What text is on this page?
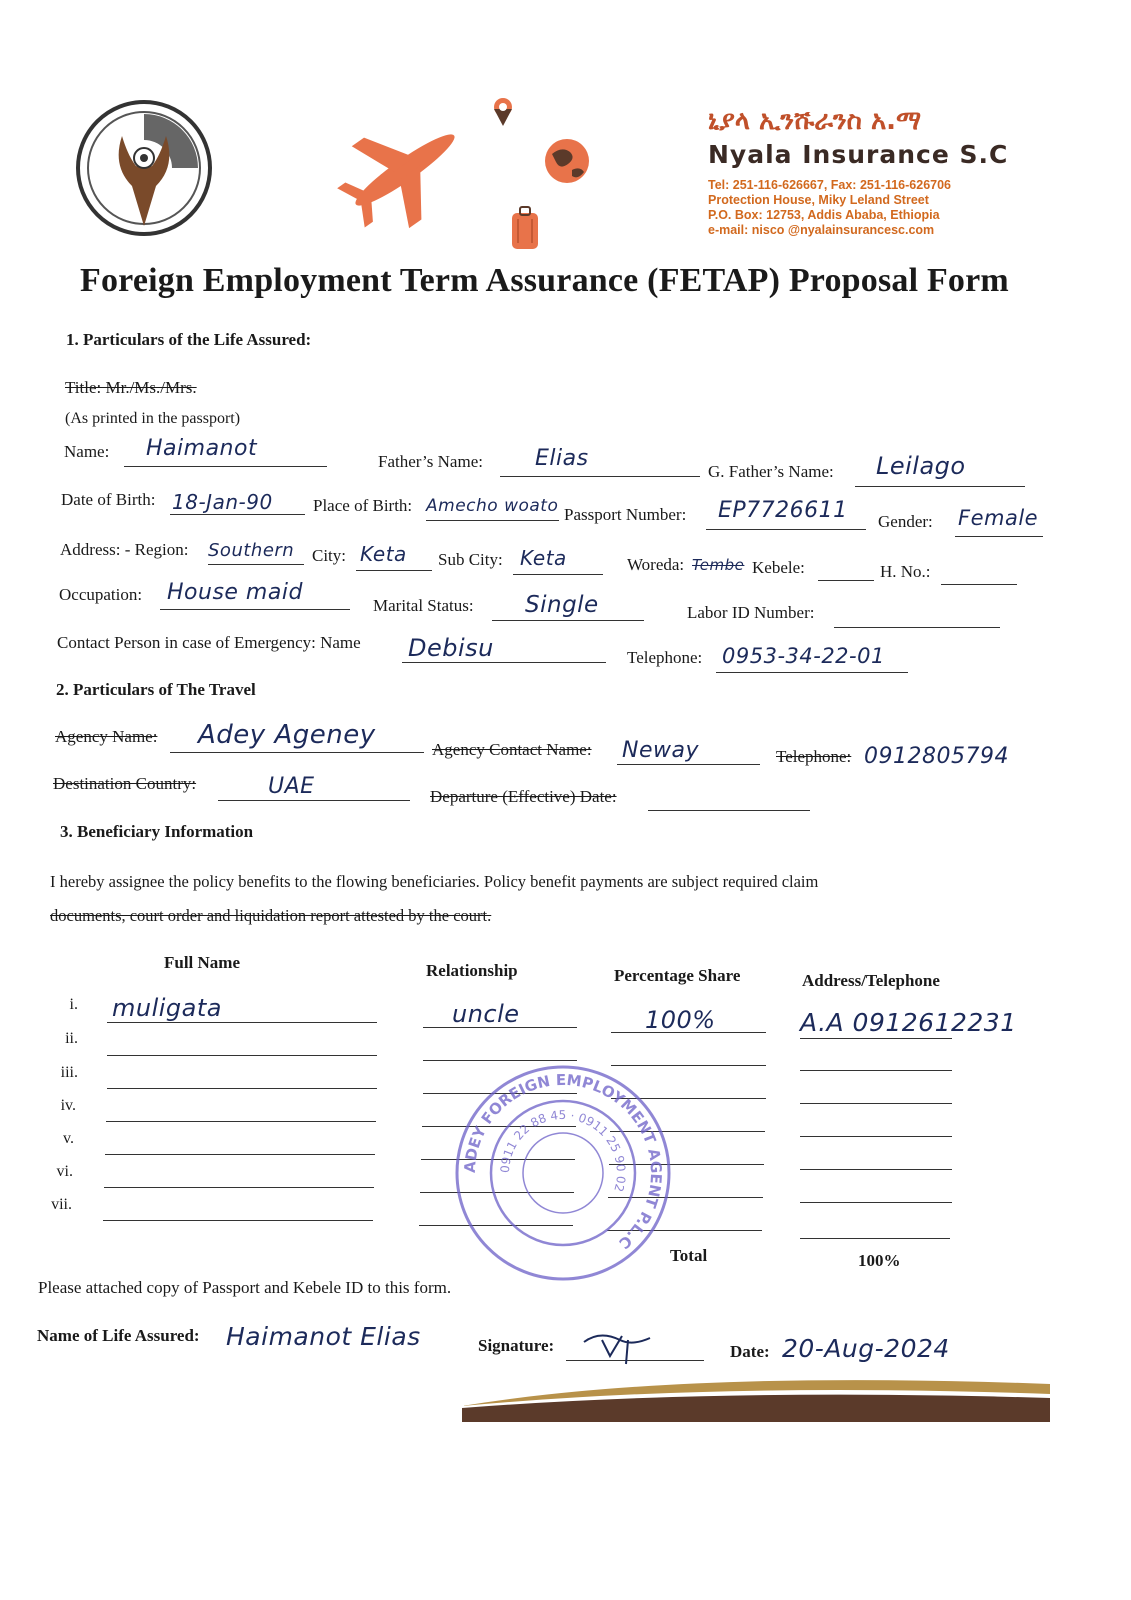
ኒያላ ኢንሹራንስ አ.ማ
Nyala Insurance S.C
Tel: 251-116-626667, Fax: 251-116-626706
Protection House, Miky Leland Street
P.O. Box: 12753, Addis Ababa, Ethiopia
e-mail: nisco @nyalainsurancesc.com
Foreign Employment Term Assurance (FETAP) Proposal Form
1. Particulars of the Life Assured:
Title: Mr./Ms./Mrs.
(As printed in the passport)
Name: Haimanot
Father’s Name: Elias
G. Father’s Name: Leilago
Date of Birth: 18-Jan-90 Place of Birth: Amecho woato Passport Number: EP7726611 Gender: Female
Address: - Region: Southern City: Keta Sub City: Keta	Woreda: Tembe Kebele:	H. No.:
Occupation: House maid
Marital Status: Single	Labor ID Number:
Contact Person in case of Emergency: Name Debisu	Telephone: 0953-34-22-01
2. Particulars of The Travel
Agency Name: Adey Ageney	Agency Contact Name: Neway	Telephone: 0912805794
Destination Country:	UAE	Departure (Effective) Date:
3. Beneficiary Information
I hereby assignee the policy benefits to the flowing beneficiaries. Policy benefit payments are subject required claim
documents, court order and liquidation report attested by the court.
Full Name	Relationship	Percentage Share	Address/Telephone
i. muligata	uncle	100%	A.A 0912612231
ii.
iii.
iv.
v.
vi.
vii.
ADEY FOREIGN EMPLOYMENT AGENT P.L.C
0911 22 88 45 · 0911 25 90 02
Total	100%
Please attached copy of Passport and Kebele ID to this form.
Name of Life Assured: Haimanot Elias	Signature:	Date: 20-Aug-2024
